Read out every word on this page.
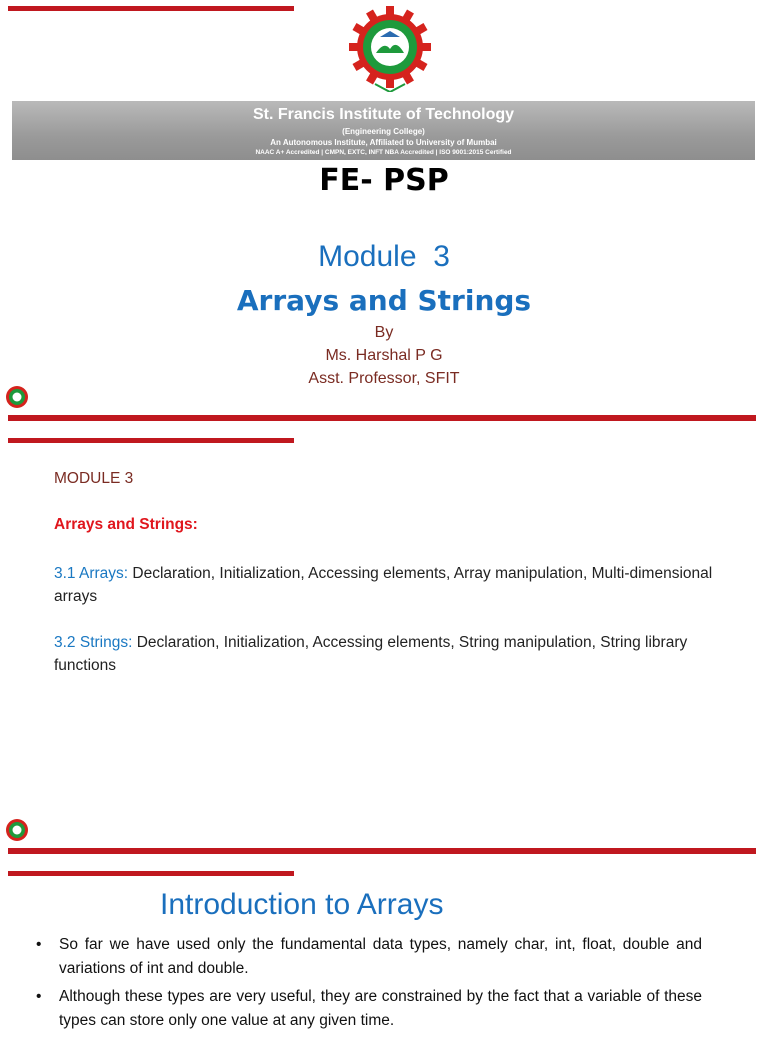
St. Francis Institute of Technology
(Engineering College)
An Autonomous Institute, Affiliated to University of Mumbai
NAAC A+ Accredited | CMPN, EXTC, INFT NBA Accredited | ISO 9001:2015 Certified
FE- PSP
Module  3
Arrays and Strings
By
Ms. Harshal P G
Asst. Professor, SFIT
MODULE 3
Arrays and Strings:
3.1 Arrays: Declaration, Initialization, Accessing elements, Array manipulation, Multi-dimensional arrays
3.2 Strings: Declaration, Initialization, Accessing elements, String manipulation, String library functions
Introduction to Arrays
• So far we have used only the fundamental data types, namely char, int, float, double and variations of int and double.
• Although these types are very useful, they are constrained by the fact that a variable of these types can store only one value at any given time.
